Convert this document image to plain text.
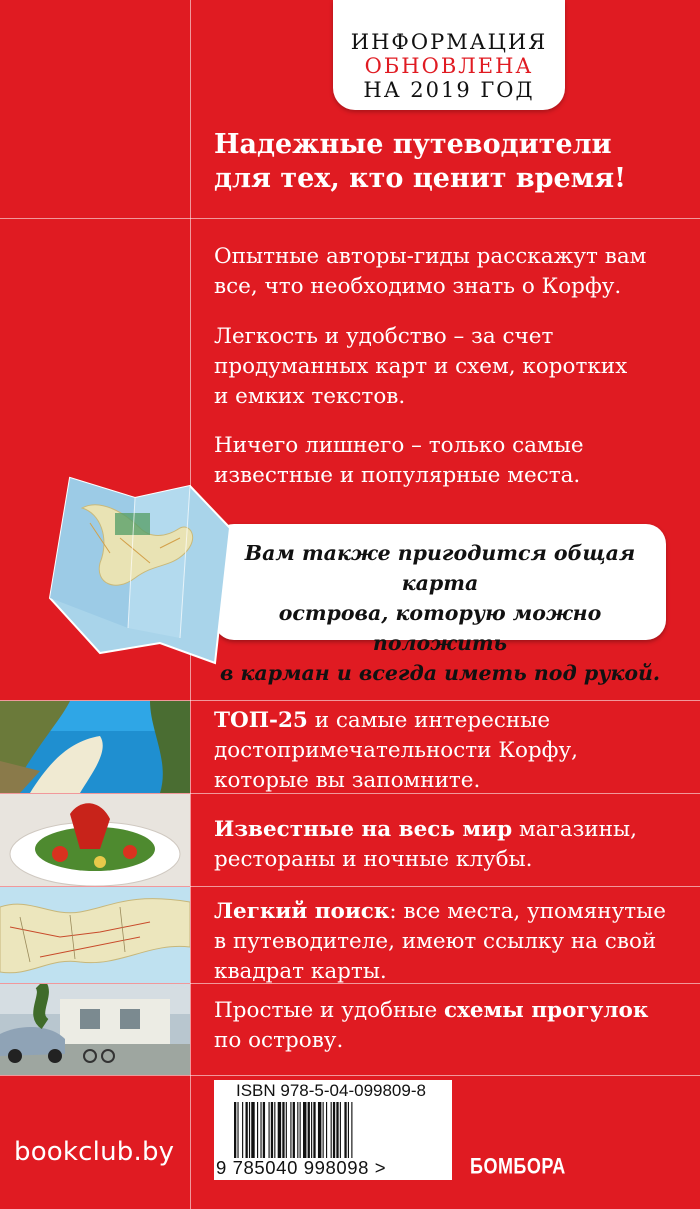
ИНФОРМАЦИЯ
ОБНОВЛЕНА
НА 2019 ГОД
Надежные путеводители
для тех, кто ценит время!
Опытные авторы-гиды расскажут вам
все, что необходимо знать о Корфу.
Легкость и удобство – за счет
продуманных карт и схем, коротких
и емких текстов.
Ничего лишнего – только самые
известные и популярные места.
Вам также пригодится общая карта
острова, которую можно положить
в карман и всегда иметь под рукой.
ТОП-25 и самые интересные
достопримечательности Корфу,
которые вы запомните.
Известные на весь мир магазины,
рестораны и ночные клубы.
Легкий поиск: все места, упомянутые
в путеводителе, имеют ссылку на свой
квадрат карты.
Простые и удобные схемы прогулок
по острову.
ISBN 978-5-04-099809-8
9 785040 998098 >	БОМБОРА
bookclub.by
